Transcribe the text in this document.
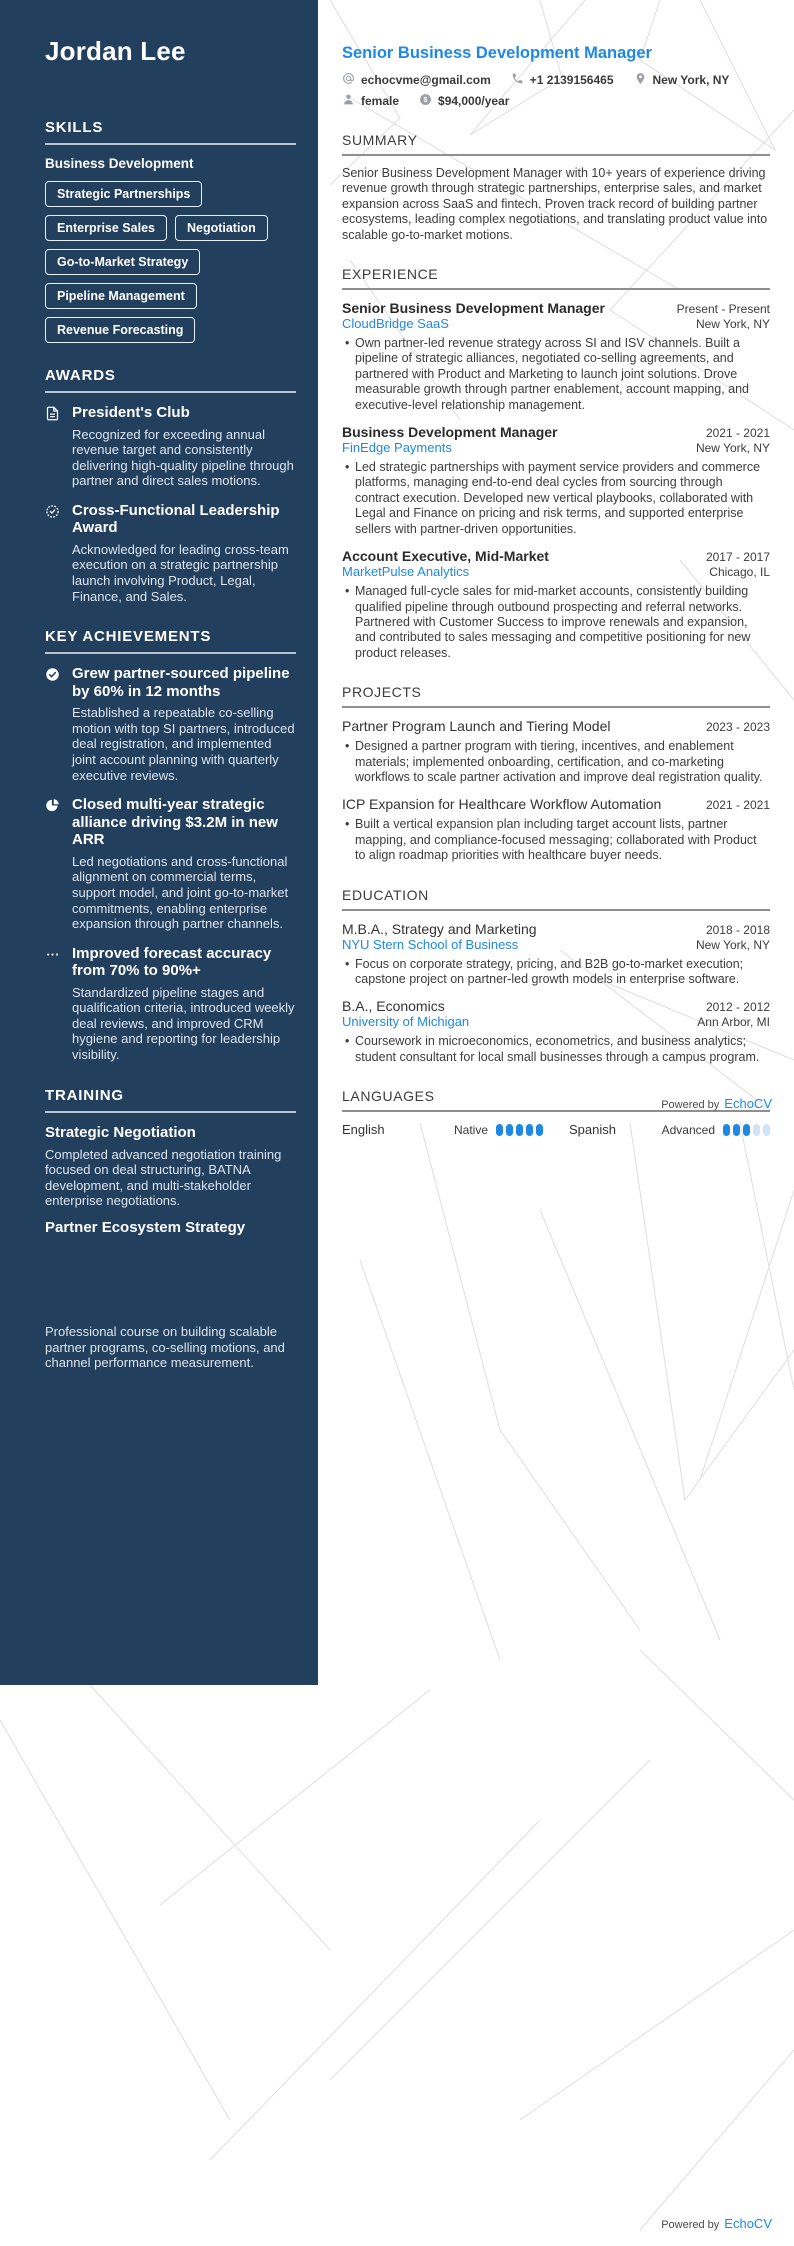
Jordan Lee
SKILLS
Business Development
Strategic Partnerships
Enterprise Sales	Negotiation
Go-to-Market Strategy
Pipeline Management
Revenue Forecasting
AWARDS
President's Club
Recognized for exceeding annual revenue target and consistently delivering high-quality pipeline through partner and direct sales motions.
Cross-Functional Leadership Award
Acknowledged for leading cross-team execution on a strategic partnership launch involving Product, Legal, Finance, and Sales.
KEY ACHIEVEMENTS
Grew partner-sourced pipeline by 60% in 12 months
Established a repeatable co-selling motion with top SI partners, introduced deal registration, and implemented joint account planning with quarterly executive reviews.
Closed multi-year strategic alliance driving $3.2M in new ARR
Led negotiations and cross-functional alignment on commercial terms, support model, and joint go-to-market commitments, enabling enterprise expansion through partner channels.
Improved forecast accuracy from 70% to 90%+
Standardized pipeline stages and qualification criteria, introduced weekly deal reviews, and improved CRM hygiene and reporting for leadership visibility.
TRAINING
Strategic Negotiation
Completed advanced negotiation training focused on deal structuring, BATNA development, and multi-stakeholder enterprise negotiations.
Partner Ecosystem Strategy
Professional course on building scalable partner programs, co-selling motions, and channel performance measurement.
Senior Business Development Manager
echocvme@gmail.com	+1 2139156465	New York, NY
female $ $94,000/year
SUMMARY

Senior Business Development Manager with 10+ years of experience driving revenue growth through strategic partnerships, enterprise sales, and market expansion across SaaS and fintech. Proven track record of building partner ecosystems, leading complex negotiations, and translating product value into scalable go-to-market motions.

EXPERIENCE
Senior Business Development Manager	Present - Present
CloudBridge SaaS	New York, NY
• Own partner-led revenue strategy across SI and ISV channels. Built a pipeline of strategic alliances, negotiated co-selling agreements, and partnered with Product and Marketing to launch joint solutions. Drove measurable growth through partner enablement, account mapping, and executive-level relationship management.
Business Development Manager	2021 - 2021
FinEdge Payments	New York, NY
• Led strategic partnerships with payment service providers and commerce platforms, managing end-to-end deal cycles from sourcing through contract execution. Developed new vertical playbooks, collaborated with Legal and Finance on pricing and risk terms, and supported enterprise sellers with partner-driven opportunities.
Account Executive, Mid-Market	2017 - 2017
MarketPulse Analytics	Chicago, IL
• Managed full-cycle sales for mid-market accounts, consistently building qualified pipeline through outbound prospecting and referral networks. Partnered with Customer Success to improve renewals and expansion, and contributed to sales messaging and competitive positioning for new product releases.
PROJECTS
Partner Program Launch and Tiering Model	2023 - 2023
• Designed a partner program with tiering, incentives, and enablement materials; implemented onboarding, certification, and co-marketing workflows to scale partner activation and improve deal registration quality.
ICP Expansion for Healthcare Workflow Automation	2021 - 2021
• Built a vertical expansion plan including target account lists, partner mapping, and compliance-focused messaging; collaborated with Product to align roadmap priorities with healthcare buyer needs.
EDUCATION
M.B.A., Strategy and Marketing	2018 - 2018
NYU Stern School of Business	New York, NY
• Focus on corporate strategy, pricing, and B2B go-to-market execution; capstone project on partner-led growth models in enterprise software.
B.A., Economics	2012 - 2012
University of Michigan	Ann Arbor, MI
• Coursework in microeconomics, econometrics, and business analytics; student consultant for local small businesses through a campus program.
LANGUAGES
English	Native	Spanish	Advanced
Powered by EchoCV
Powered by EchoCV
